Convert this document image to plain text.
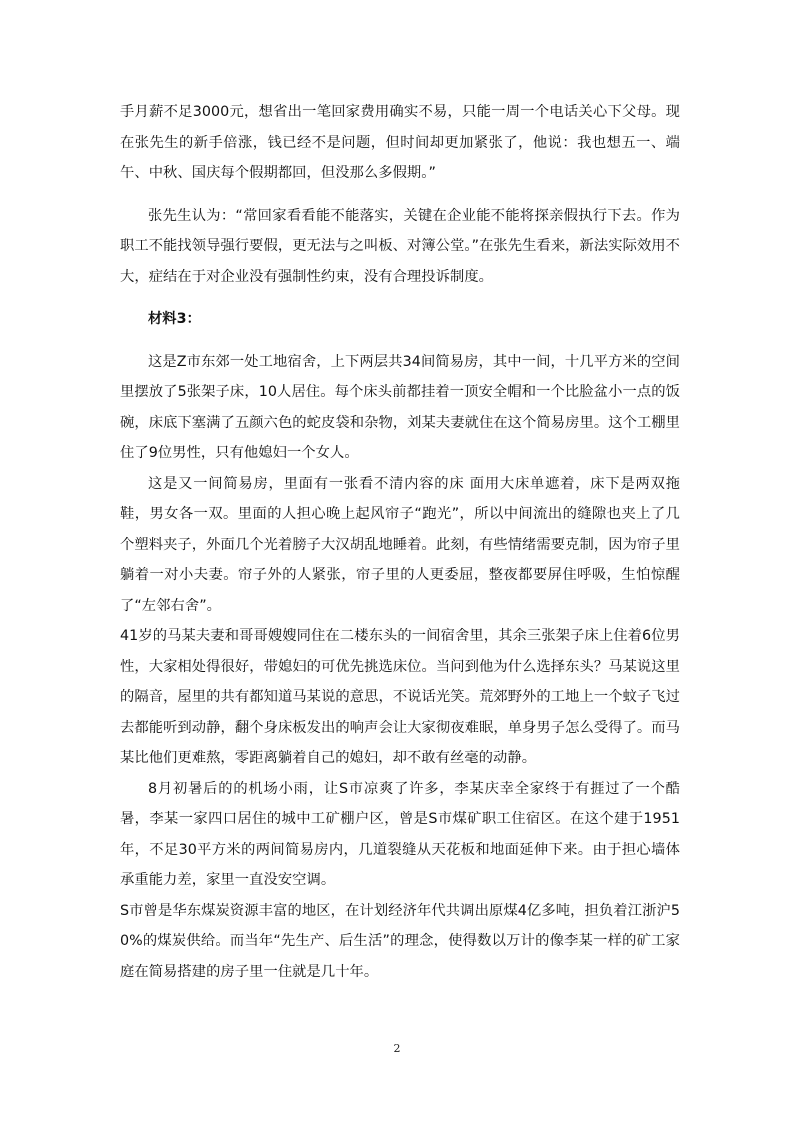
手月薪不足3000元，想省出一笔回家费用确实不易，只能一周一个电话关心下父母。现在张先生的新手倍涨，钱已经不是问题，但时间却更加紧张了，他说：我也想五一、端午、中秋、国庆每个假期都回，但没那么多假期。”

张先生认为：“常回家看看能不能落实，关键在企业能不能将探亲假执行下去。作为职工不能找领导强行要假，更无法与之叫板、对簿公堂。”在张先生看来，新法实际效用不大，症结在于对企业没有强制性约束，没有合理投诉制度。

材料3：

这是Z市东郊一处工地宿舍，上下两层共34间简易房，其中一间，十几平方米的空间里摆放了5张架子床，10人居住。每个床头前都挂着一顶安全帽和一个比脸盆小一点的饭碗，床底下塞满了五颜六色的蛇皮袋和杂物，刘某夫妻就住在这个简易房里。这个工棚里住了9位男性，只有他媳妇一个女人。

这是又一间简易房，里面有一张看不清内容的床 面用大床单遮着，床下是两双拖鞋，男女各一双。里面的人担心晚上起风帘子“跑光”，所以中间流出的缝隙也夹上了几个塑料夹子，外面几个光着膀子大汉胡乱地睡着。此刻，有些情绪需要克制，因为帘子里躺着一对小夫妻。帘子外的人紧张，帘子里的人更委屈，整夜都要屏住呼吸，生怕惊醒了“左邻右舍”。

41岁的马某夫妻和哥哥嫂嫂同住在二楼东头的一间宿舍里，其余三张架子床上住着6位男性，大家相处得很好，带媳妇的可优先挑选床位。当问到他为什么选择东头？马某说这里的隔音，屋里的共有都知道马某说的意思，不说话光笑。荒郊野外的工地上一个蚊子飞过去都能听到动静，翻个身床板发出的响声会让大家彻夜难眠，单身男子怎么受得了。而马某比他们更难熬，零距离躺着自己的媳妇，却不敢有丝毫的动静。

8月初暑后的的机场小雨，让S市凉爽了许多，李某庆幸全家终于有捱过了一个酷暑，李某一家四口居住的城中工矿棚户区，曾是S市煤矿职工住宿区。在这个建于1951年，不足30平方米的两间简易房内，几道裂缝从天花板和地面延伸下来。由于担心墙体承重能力差，家里一直没安空调。

S市曾是华东煤炭资源丰富的地区，在计划经济年代共调出原煤4亿多吨，担负着江浙沪50%的煤炭供给。而当年“先生产、后生活”的理念，使得数以万计的像李某一样的矿工家庭在简易搭建的房子里一住就是几十年。

2
